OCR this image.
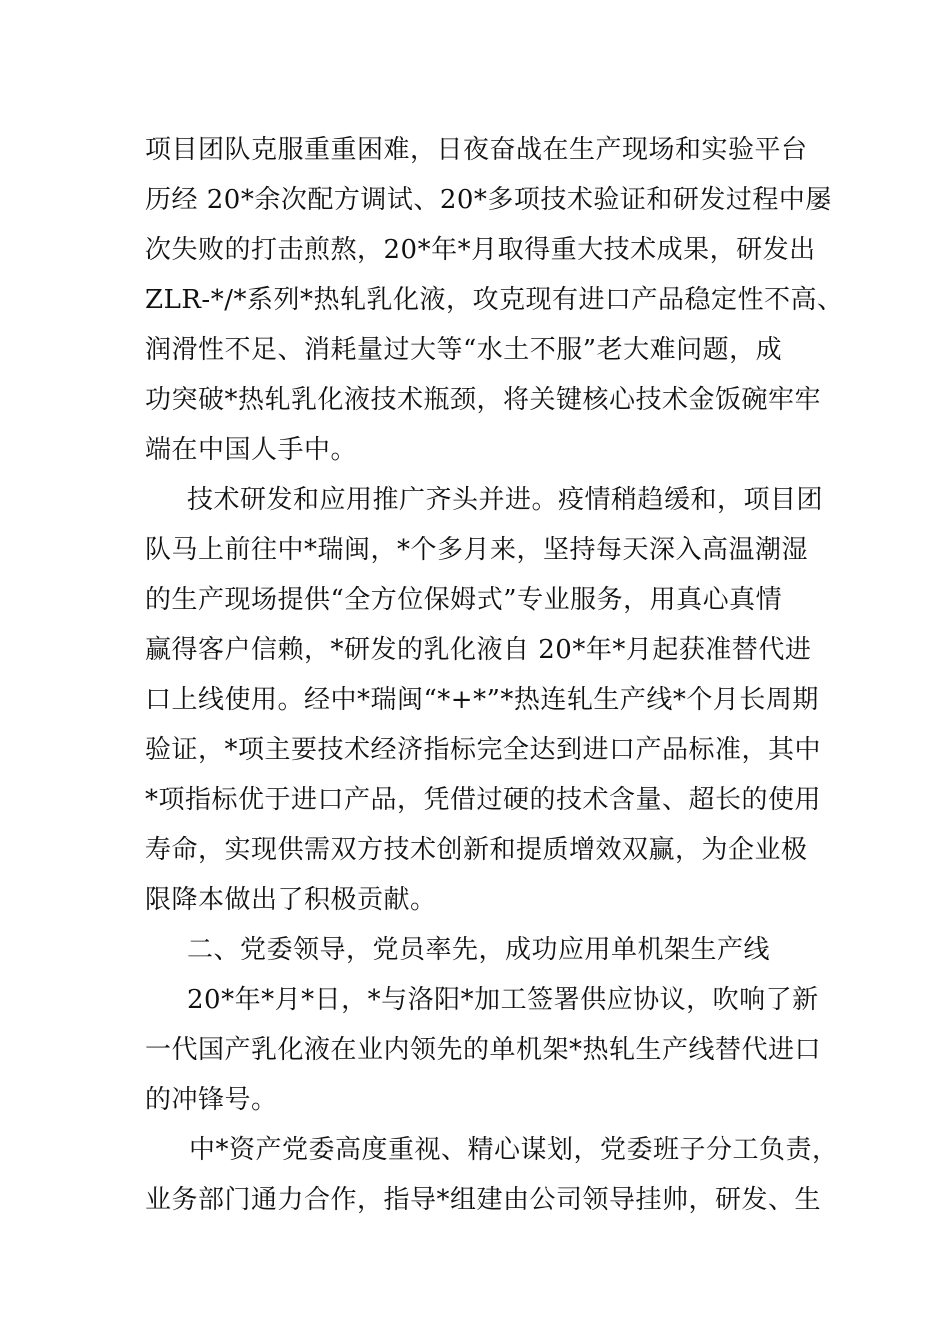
项目团队克服重重困难，日夜奋战在生产现场和实验平台
历经 20*余次配方调试、20*多项技术验证和研发过程中屡
次失败的打击煎熬，20*年*月取得重大技术成果，研发出
ZLR-*/*系列*热轧乳化液，攻克现有进口产品稳定性不高、
润滑性不足、消耗量过大等“水土不服”老大难问题，成
功突破*热轧乳化液技术瓶颈，将关键核心技术金饭碗牢牢
端在中国人手中。
技术研发和应用推广齐头并进。疫情稍趋缓和，项目团
队马上前往中*瑞闽，*个多月来，坚持每天深入高温潮湿
的生产现场提供“全方位保姆式”专业服务，用真心真情
赢得客户信赖，*研发的乳化液自 20*年*月起获准替代进
口上线使用。经中*瑞闽“*+*”*热连轧生产线*个月长周期
验证，*项主要技术经济指标完全达到进口产品标准，其中
*项指标优于进口产品，凭借过硬的技术含量、超长的使用
寿命，实现供需双方技术创新和提质增效双赢，为企业极
限降本做出了积极贡献。
二、党委领导，党员率先，成功应用单机架生产线
20*年*月*日，*与洛阳*加工签署供应协议，吹响了新
一代国产乳化液在业内领先的单机架*热轧生产线替代进口
的冲锋号。
中*资产党委高度重视、精心谋划，党委班子分工负责，
业务部门通力合作，指导*组建由公司领导挂帅，研发、生
